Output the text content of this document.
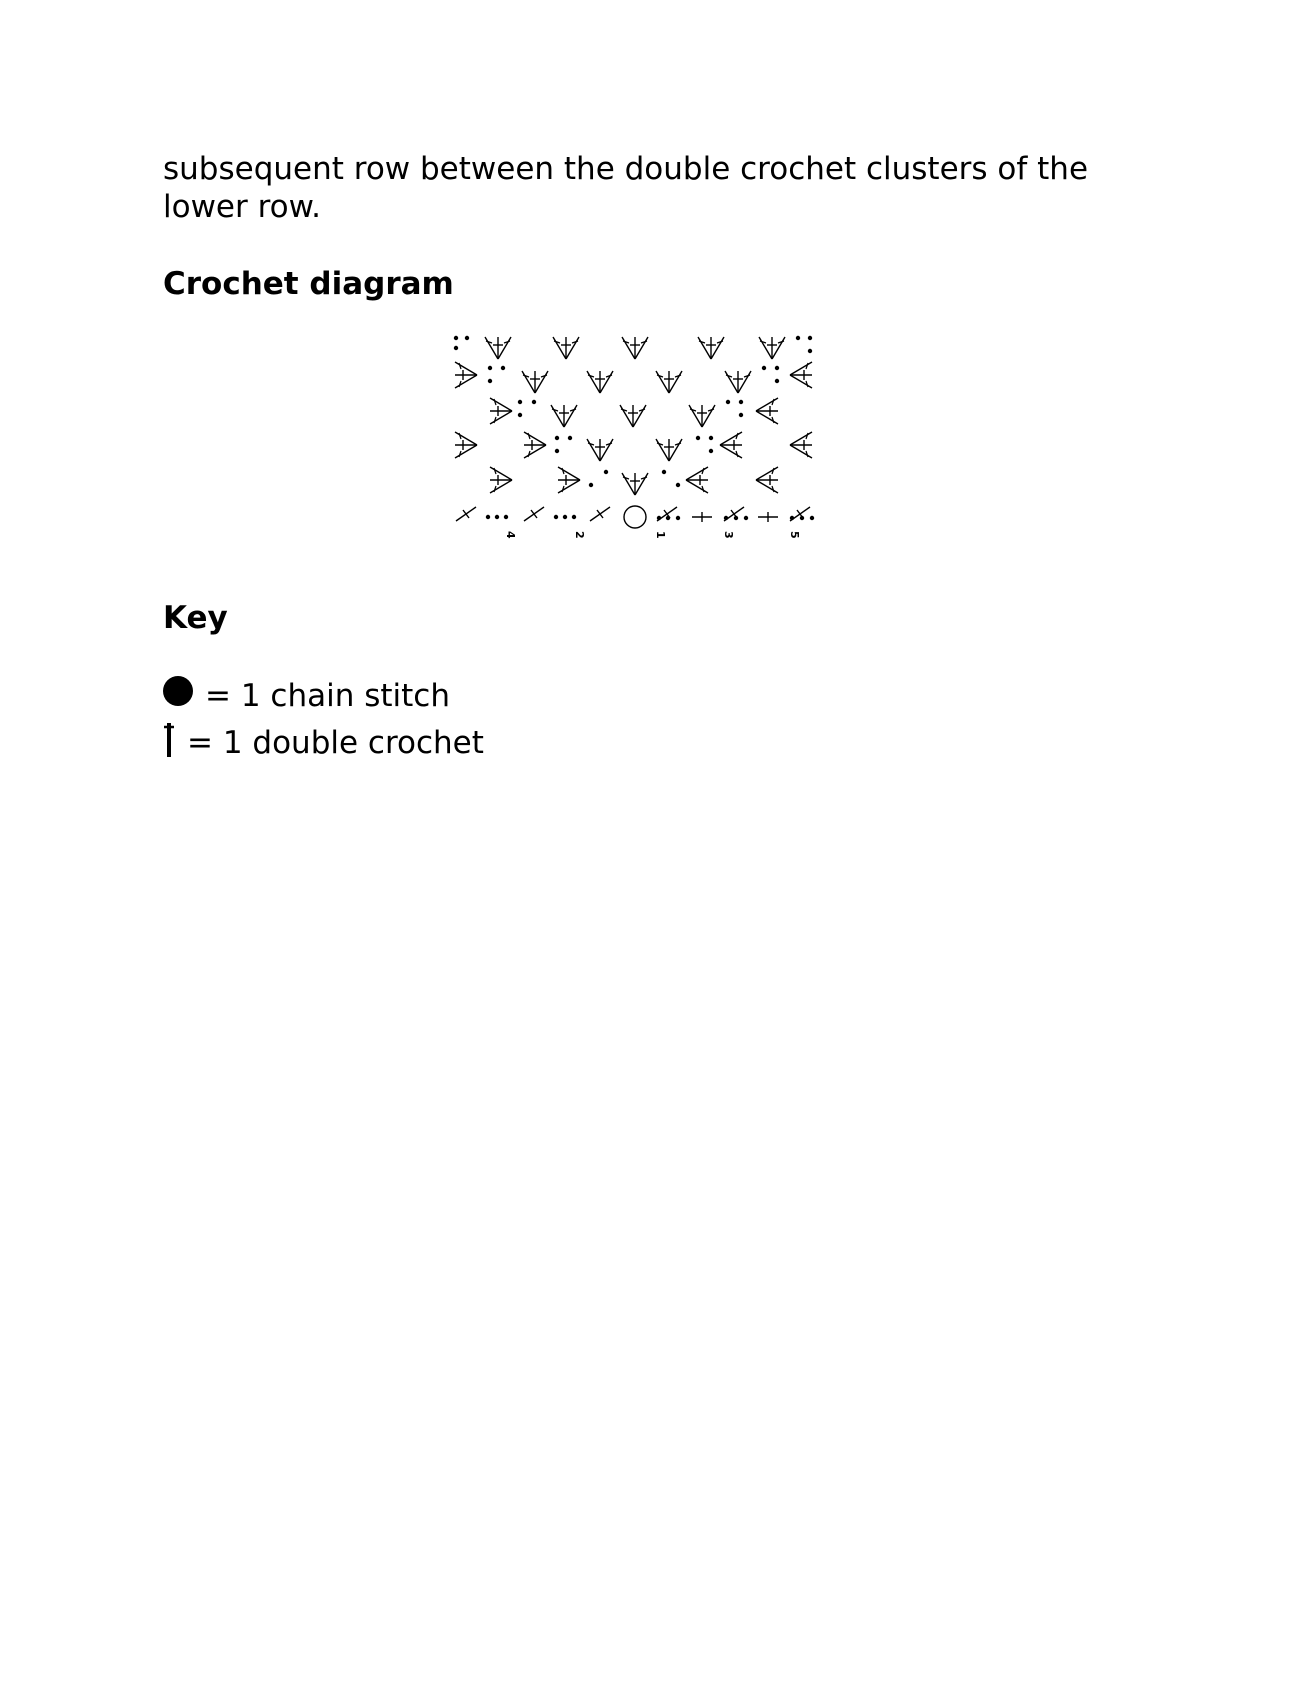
subsequent row between the double crochet clusters of the lower row.

Crochet diagram
4	2	1	3	5
Key
= 1 chain stitch
= 1 double crochet
